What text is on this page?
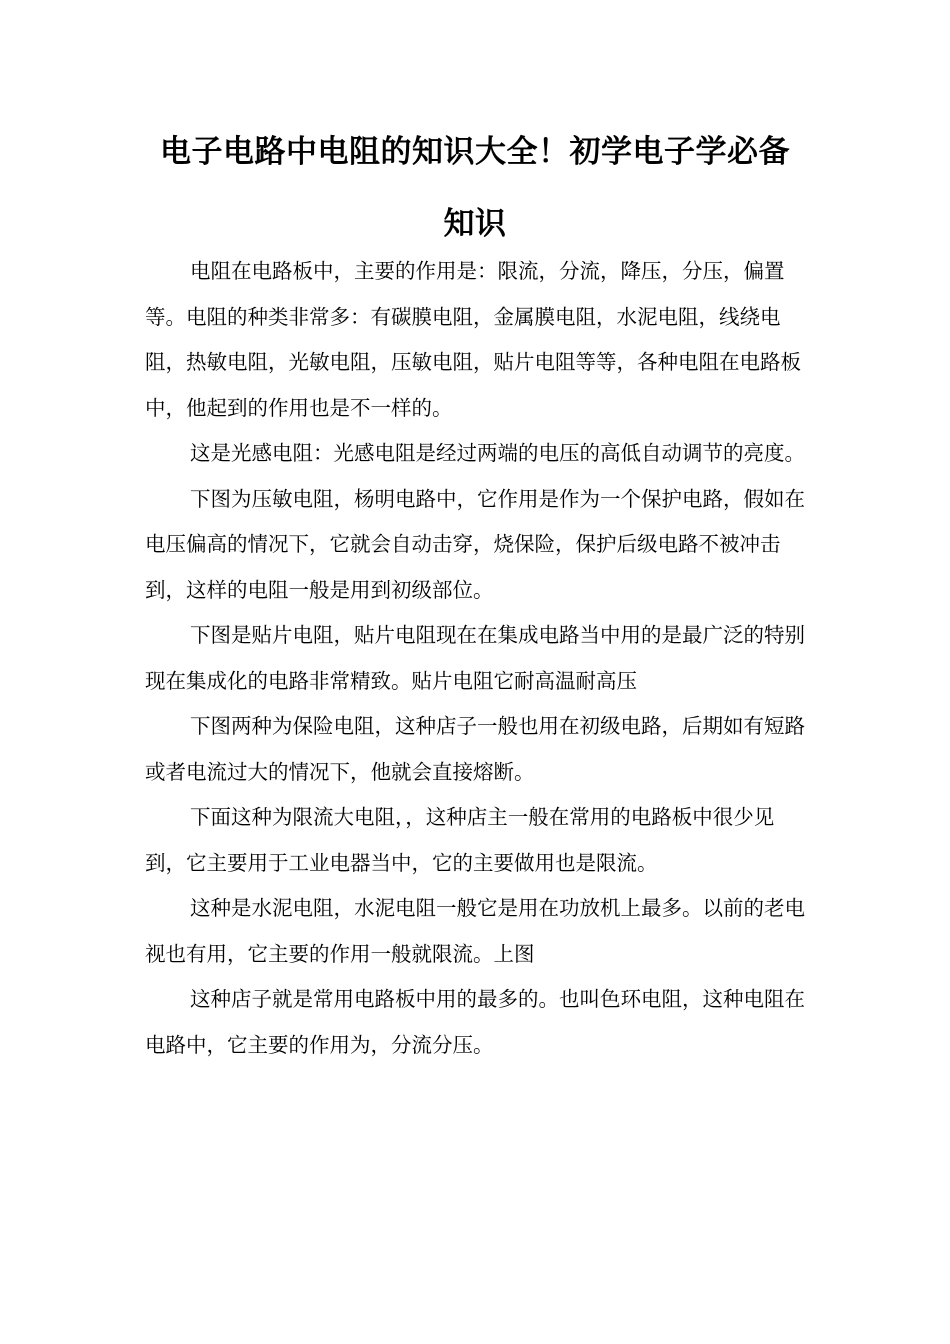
电子电路中电阻的知识大全！初学电子学必备知识

电阻在电路板中，主要的作用是：限流，分流，降压，分压，偏置等。电阻的种类非常多：有碳膜电阻，金属膜电阻，水泥电阻，线绕电阻，热敏电阻，光敏电阻，压敏电阻，贴片电阻等等，各种电阻在电路板中，他起到的作用也是不一样的。

这是光感电阻：光感电阻是经过两端的电压的高低自动调节的亮度。

下图为压敏电阻，杨明电路中，它作用是作为一个保护电路，假如在电压偏高的情况下，它就会自动击穿，烧保险，保护后级电路不被冲击到，这样的电阻一般是用到初级部位。

下图是贴片电阻，贴片电阻现在在集成电路当中用的是最广泛的特别现在集成化的电路非常精致。贴片电阻它耐高温耐高压

下图两种为保险电阻，这种店子一般也用在初级电路，后期如有短路或者电流过大的情况下，他就会直接熔断。

下面这种为限流大电阻，，这种店主一般在常用的电路板中很少见到，它主要用于工业电器当中，它的主要做用也是限流。

这种是水泥电阻，水泥电阻一般它是用在功放机上最多。以前的老电视也有用，它主要的作用一般就限流。上图

这种店子就是常用电路板中用的最多的。也叫色环电阻，这种电阻在电路中，它主要的作用为，分流分压。
